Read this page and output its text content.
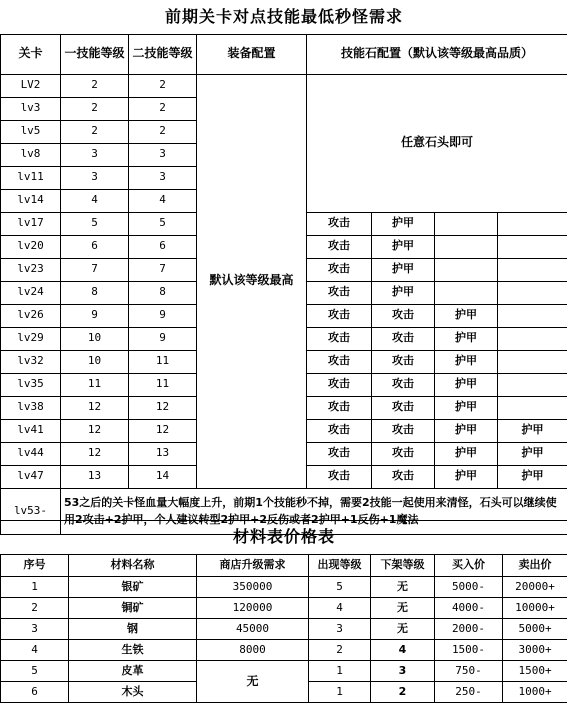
前期关卡对点技能最低秒怪需求							
关卡	一技能等级	二技能等级	装备配置	技能石配置（默认该等级最高品质）			
LV2	2	2	默认该等级最高	任意石头即可			
lv3	2	2					
lv5	2	2					
lv8	3	3					
lv11	3	3					
lv14	4	4					
lv17	5	5		攻击	护甲		
lv20	6	6		攻击	护甲		
lv23	7	7		攻击	护甲		
lv24	8	8		攻击	护甲		
lv26	9	9		攻击	攻击	护甲	
lv29	10	9		攻击	攻击	护甲	
lv32	10	11		攻击	攻击	护甲	
lv35	11	11		攻击	攻击	护甲	
lv38	12	12		攻击	攻击	护甲	
lv41	12	12		攻击	攻击	护甲	护甲
lv44	12	13		攻击	攻击	护甲	护甲
lv47	13	14		攻击	攻击	护甲	护甲
lv53-	53之后的关卡怪血量大幅度上升，前期1个技能秒不掉，需要2技能一起使用来清怪，石头可以继续使用2攻击+2护甲，个人建议转型2护甲+2反伤或者2护甲+1反伤+1魔法						
材料表价格表						
序号	材料名称	商店升级需求	出现等级	下架等级	买入价	卖出价
1	银矿	350000	5	无	5000-	20000+
2	铜矿	120000	4	无	4000-	10000+
3	钢	45000	3	无	2000-	5000+
4	生铁	8000	2	4	1500-	3000+
5	皮革	无	1	3	750-	1500+
6	木头		1	2	250-	1000+
